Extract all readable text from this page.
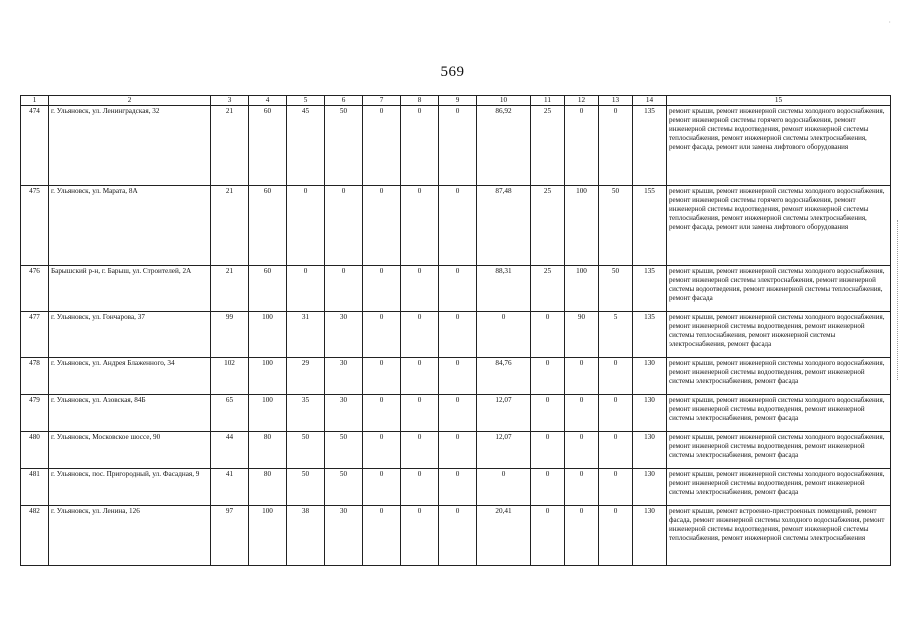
569
·
1	2	3	4	5	6	7	8	9	10	11	12	13	14	15
474	г. Ульяновск, ул. Ленинградская, 32	21	60	45	50	0	0	0	86,92	25	0	0	135	ремонт крыши, ремонт инженерной системы холодного водоснабжения, ремонт инженерной системы горячего водоснабжения, ремонт инженерной системы водоотведения, ремонт инженерной системы теплоснабжения, ремонт инженерной системы электроснабжения, ремонт фасада, ремонт или замена лифтового оборудования
475	г. Ульяновск, ул. Марата, 8А	21	60	0	0	0	0	0	87,48	25	100	50	155	ремонт крыши, ремонт инженерной системы холодного водоснабжения, ремонт инженерной системы горячего водоснабжения, ремонт инженерной системы водоотведения, ремонт инженерной системы теплоснабжения, ремонт инженерной системы электроснабжения, ремонт фасада, ремонт или замена лифтового оборудования
476	Барышский р-н, г. Барыш, ул. Строителей, 2А	21	60	0	0	0	0	0	88,31	25	100	50	135	ремонт крыши, ремонт инженерной системы холодного водоснабжения, ремонт инженерной системы электроснабжения, ремонт инженерной системы водоотведения, ремонт инженерной системы теплоснабжения, ремонт фасада
477	г. Ульяновск, ул. Гончарова, 37	99	100	31	30	0	0	0	0	0	90	5	135	ремонт крыши, ремонт инженерной системы холодного водоснабжения, ремонт инженерной системы водоотведения, ремонт инженерной системы теплоснабжения, ремонт инженерной системы электроснабжения, ремонт фасада
478	г. Ульяновск, ул. Андрея Блаженного, 34	102	100	29	30	0	0	0	84,76	0	0	0	130	ремонт крыши, ремонт инженерной системы холодного водоснабжения, ремонт инженерной системы водоотведения, ремонт инженерной системы электроснабжения, ремонт фасада
479	г. Ульяновск, ул. Азовская, 84Б	65	100	35	30	0	0	0	12,07	0	0	0	130	ремонт крыши, ремонт инженерной системы холодного водоснабжения, ремонт инженерной системы водоотведения, ремонт инженерной системы электроснабжения, ремонт фасада
480	г. Ульяновск, Московское шоссе, 90	44	80	50	50	0	0	0	12,07	0	0	0	130	ремонт крыши, ремонт инженерной системы холодного водоснабжения, ремонт инженерной системы водоотведения, ремонт инженерной системы электроснабжения, ремонт фасада
481	г. Ульяновск, пос. Пригородный, ул. Фасадная, 9	41	80	50	50	0	0	0	0	0	0	0	130	ремонт крыши, ремонт инженерной системы холодного водоснабжения, ремонт инженерной системы водоотведения, ремонт инженерной системы электроснабжения, ремонт фасада
482	г. Ульяновск, ул. Ленина, 126	97	100	38	30	0	0	0	20,41	0	0	0	130	ремонт крыши, ремонт встроенно-пристроенных помещений, ремонт фасада, ремонт инженерной системы холодного водоснабжения, ремонт инженерной системы водоотведения, ремонт инженерной системы теплоснабжения, ремонт инженерной системы электроснабжения
